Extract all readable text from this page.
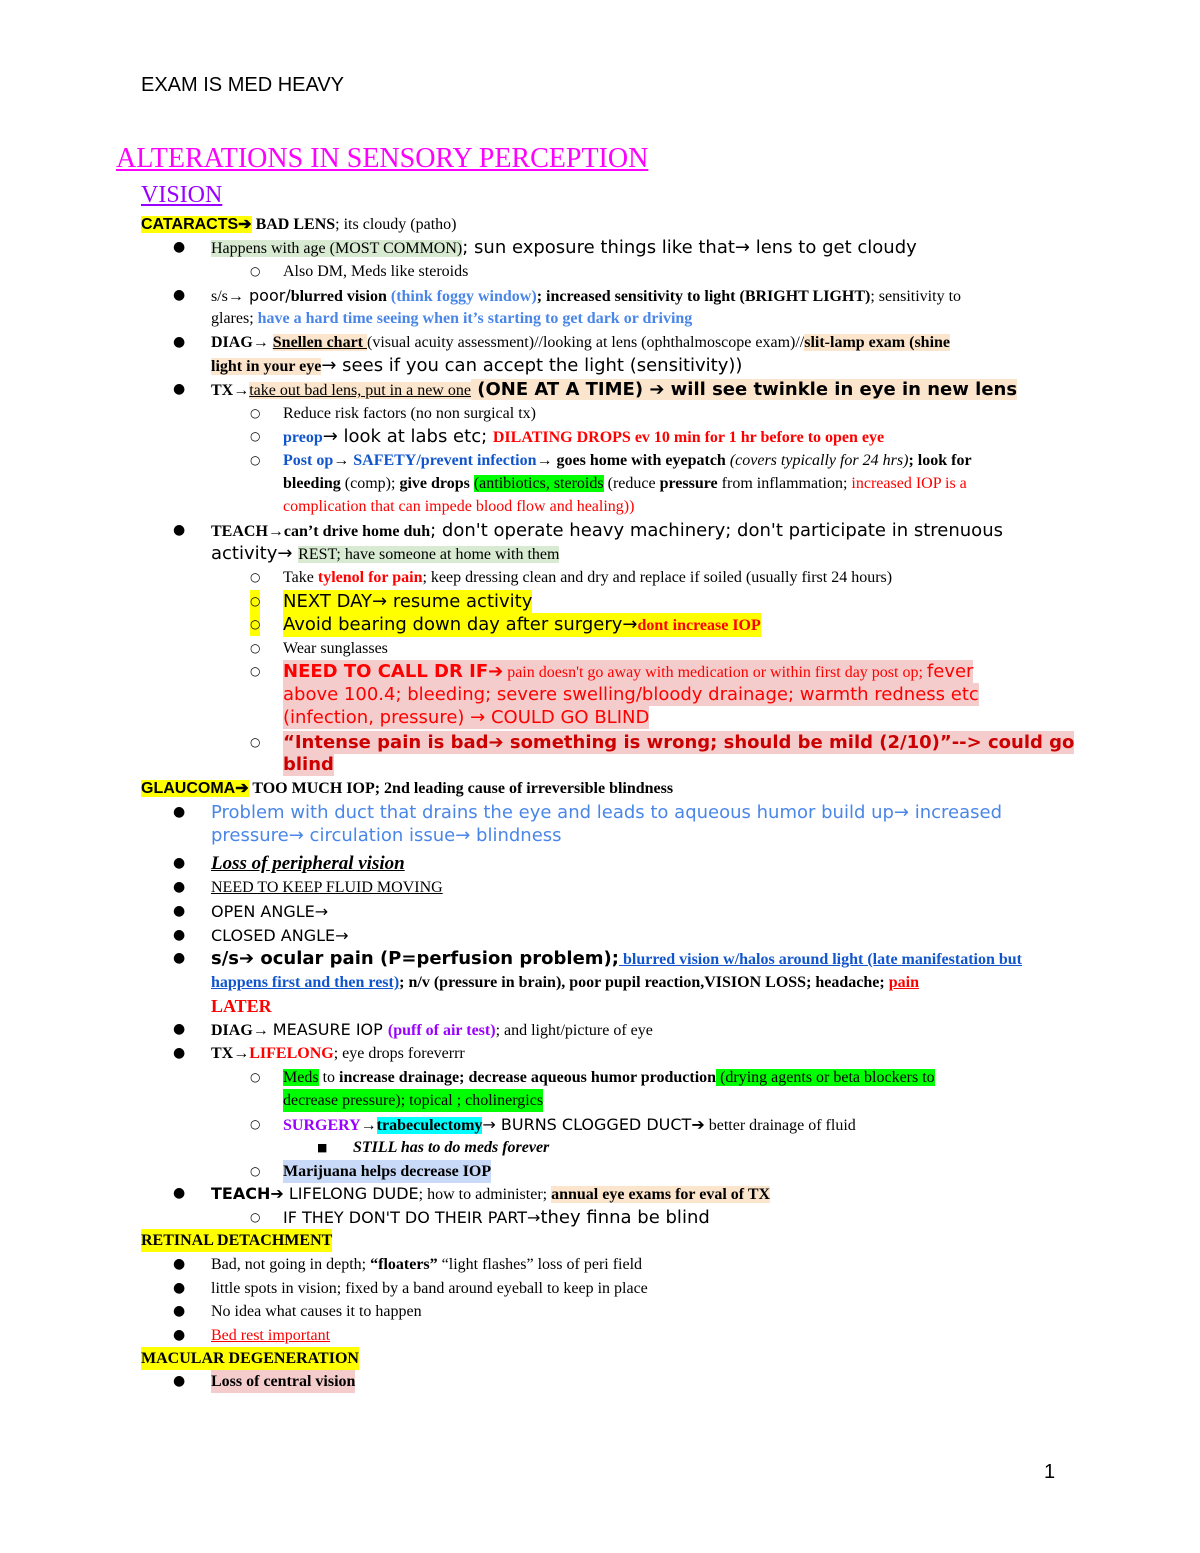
EXAM IS MED HEAVY
ALTERATIONS IN SENSORY PERCEPTION
VISION
CATARACTS➔ BAD LENS; its cloudy (patho)
● Happens with age (MOST COMMON); sun exposure things like that→ lens to get cloudy
○ Also DM, Meds like steroids
● s/s→ poor/blurred vision (think foggy window); increased sensitivity to light (BRIGHT LIGHT); sensitivity to
glares; have a hard time seeing when it’s starting to get dark or driving
● DIAG→ Snellen chart (visual acuity assessment)//looking at lens (ophthalmoscope exam)//slit-lamp exam (shine
light in your eye→ sees if you can accept the light (sensitivity))
● TX→take out bad lens, put in a new one (ONE AT A TIME) ➔ will see twinkle in eye in new lens
○ Reduce risk factors (no non surgical tx)
○ preop→ look at labs etc; DILATING DROPS ev 10 min for 1 hr before to open eye
○ Post op→ SAFETY/prevent infection→ goes home with eyepatch (covers typically for 24 hrs); look for
bleeding (comp); give drops (antibiotics, steroids (reduce pressure from inflammation; increased IOP is a
complication that can impede blood flow and healing))
● TEACH→can’t drive home duh; don't operate heavy machinery; don't participate in strenuous
activity→ REST; have someone at home with them
○ Take tylenol for pain; keep dressing clean and dry and replace if soiled (usually first 24 hours)
○ NEXT DAY→ resume activity
○ Avoid bearing down day after surgery→dont increase IOP
○ Wear sunglasses
○ NEED TO CALL DR IF➔ pain doesn't go away with medication or within first day post op; fever
above 100.4; bleeding; severe swelling/bloody drainage; warmth redness etc
(infection, pressure) → COULD GO BLIND
○ “Intense pain is bad➔ something is wrong; should be mild (2/10)”--> could go
blind
GLAUCOMA➔ TOO MUCH IOP; 2nd leading cause of irreversible blindness
● Problem with duct that drains the eye and leads to aqueous humor build up→ increased
pressure→ circulation issue→ blindness
● Loss of peripheral vision
● NEED TO KEEP FLUID MOVING
● OPEN ANGLE→
● CLOSED ANGLE→
● s/s➔ ocular pain (P=perfusion problem); blurred vision w/halos around light (late manifestation but
happens first and then rest); n/v (pressure in brain), poor pupil reaction,VISION LOSS; headache; pain
LATER
● DIAG→ MEASURE IOP (puff of air test); and light/picture of eye
● TX→LIFELONG; eye drops foreverrr
○ Meds to increase drainage; decrease aqueous humor production (drying agents or beta blockers to
decrease pressure); topical ; cholinergics
○ SURGERY→trabeculectomy→ BURNS CLOGGED DUCT➔ better drainage of fluid
■ STILL has to do meds forever
○ Marijuana helps decrease IOP
● TEACH➔ LIFELONG DUDE; how to administer; annual eye exams for eval of TX
○ IF THEY DON'T DO THEIR PART→they finna be blind
RETINAL DETACHMENT
● Bad, not going in depth; “floaters” “light flashes” loss of peri field
● little spots in vision; fixed by a band around eyeball to keep in place
● No idea what causes it to happen
● Bed rest important
MACULAR DEGENERATION
● Loss of central vision
1
